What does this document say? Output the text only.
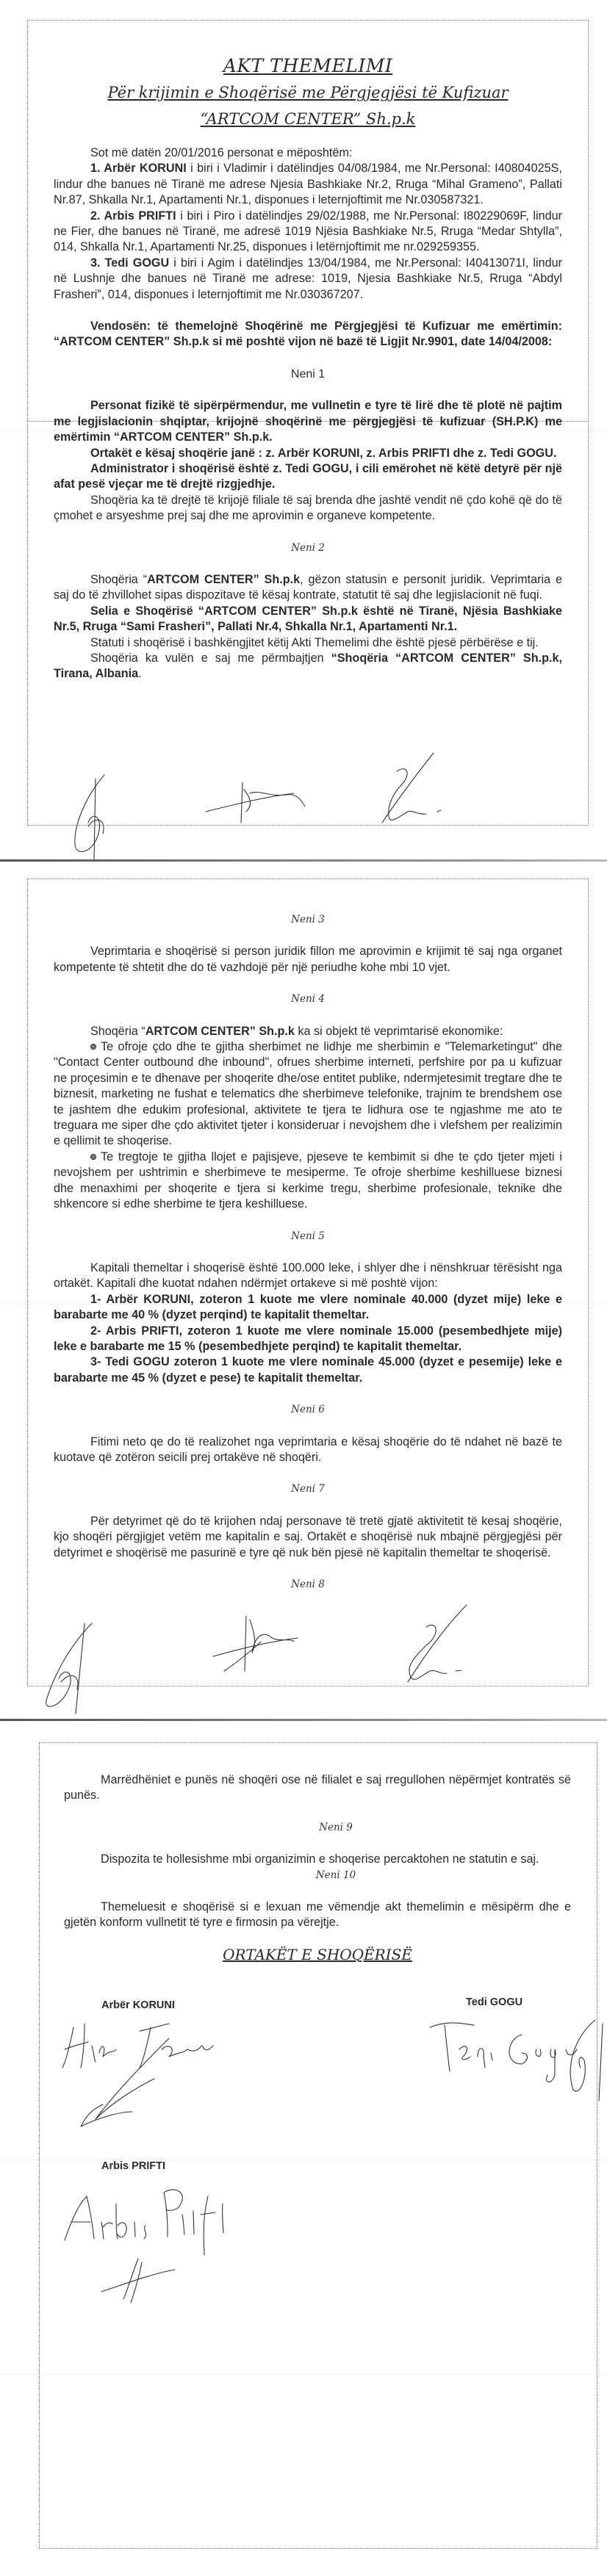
AKT THEMELIMI
Për krijimin e Shoqërisë me Përgjegjësi të Kufizuar
“ARTCOM CENTER” Sh.p.k

Sot më datën 20/01/2016 personat e mëposhtëm:

1. Arbër KORUNI i biri i Vladimir i datëlindjes 04/08/1984, me Nr.Personal: I40804025S, lindur dhe banues në Tiranë me adrese Njesia Bashkiake Nr.2, Rruga “Mihal Grameno”, Pallati Nr.87, Shkalla Nr.1, Apartamenti Nr.1, disponues i leternjoftimit me Nr.030587321.

2. Arbis PRIFTI i biri i Piro i datëlindjes 29/02/1988, me Nr.Personal: I80229069F, lindur ne Fier, dhe banues në Tiranë, me adresë 1019 Njësia Bashkiake Nr.5, Rruga “Medar Shtylla”, 014, Shkalla Nr.1, Apartamenti Nr.25, disponues i letërnjoftimit me nr.029259355.

3. Tedi GOGU i biri i Agim i datëlindjes 13/04/1984, me Nr.Personal: I40413071I, lindur në Lushnje dhe banues në Tiranë me adrese: 1019, Njesia Bashkiake Nr.5, Rruga “Abdyl Frasheri”, 014, disponues i leternjoftimit me Nr.030367207.

Vendosën: të themelojnë Shoqërinë me Përgjegjësi të Kufizuar me emërtimin: “ARTCOM CENTER” Sh.p.k si më poshtë vijon në bazë të Ligjit Nr.9901, date 14/04/2008:

Neni 1

Personat fizikë të sipërpërmendur, me vullnetin e tyre të lirë dhe të plotë në pajtim me legjislacionin shqiptar, krijojnë shoqërinë me përgjegjësi të kufizuar (SH.P.K) me emërtimin “ARTCOM CENTER” Sh.p.k.

Ortakët e kësaj shoqërie janë : z. Arbër KORUNI, z. Arbis PRIFTI dhe z. Tedi GOGU.

Administrator i shoqërisë është z. Tedi GOGU, i cili emërohet në këtë detyrë për një afat pesë vjeçar me të drejtë rizgjedhje.

Shoqëria ka të drejtë të krijojë filiale të saj brenda dhe jashtë vendit në çdo kohë që do të çmohet e arsyeshme prej saj dhe me aprovimin e organeve kompetente.

Neni 2

Shoqëria “ARTCOM CENTER” Sh.p.k, gëzon statusin e personit juridik. Veprimtaria e saj do të zhvillohet sipas dispozitave të kësaj kontrate, statutit të saj dhe legjislacionit në fuqi.

Selia e Shoqërisë “ARTCOM CENTER” Sh.p.k është në Tiranë, Njësia Bashkiake Nr.5, Rruga “Sami Frasheri”, Pallati Nr.4, Shkalla Nr.1, Apartamenti Nr.1.

Statuti i shoqërisë i bashkëngjitet këtij Akti Themelimi dhe është pjesë përbërëse e tij.

Shoqëria ka vulën e saj me përmbajtjen “Shoqëria “ARTCOM CENTER” Sh.p.k, Tirana, Albania.

Neni 3

Veprimtaria e shoqërisë si person juridik fillon me aprovimin e krijimit të saj nga organet kompetente të shtetit dhe do të vazhdojë për një periudhe kohe mbi 10 vjet.

Neni 4

Shoqëria “ARTCOM CENTER” Sh.p.k ka si objekt të veprimtarisë ekonomike:

Te ofroje çdo dhe te gjitha sherbimet ne lidhje me sherbimin e "Telemarketingut" dhe "Contact Center outbound dhe inbound", ofrues sherbime interneti, perfshire por pa u kufizuar ne proçesimin e te dhenave per shoqerite dhe/ose entitet publike, ndermjetesimit tregtare dhe te biznesit, marketing ne fushat e telematics dhe sherbimeve telefonike, trajnim te brendshem ose te jashtem dhe edukim profesional, aktivitete te tjera te lidhura ose te ngjashme me ato te treguara me siper dhe çdo aktivitet tjeter i konsideruar i nevojshem dhe i vlefshem per realizimin e qellimit te shoqerise.

Te tregtoje te gjitha llojet e pajisjeve, pjeseve te kembimit si dhe te çdo tjeter mjeti i nevojshem per ushtrimin e sherbimeve te mesiperme. Te ofroje sherbime keshilluese biznesi dhe menaxhimi per shoqerite e tjera si kerkime tregu, sherbime profesionale, teknike dhe shkencore si edhe sherbime te tjera keshilluese.

Neni 5

Kapitali themeltar i shoqerisë është 100.000 leke, i shlyer dhe i nënshkruar tërësisht nga ortakët. Kapitali dhe kuotat ndahen ndërmjet ortakeve si më poshtë vijon:

1- Arbër KORUNI, zoteron 1 kuote me vlere nominale 40.000 (dyzet mije) leke e barabarte me 40 % (dyzet perqind) te kapitalit themeltar.

2- Arbis PRIFTI, zoteron 1 kuote me vlere nominale 15.000 (pesembedhjete mije) leke e barabarte me 15 % (pesembedhjete perqind) te kapitalit themeltar.

3- Tedi GOGU zoteron 1 kuote me vlere nominale 45.000 (dyzet e pesemije) leke e barabarte me 45 % (dyzet e pese) te kapitalit themeltar.

Neni 6

Fitimi neto qe do të realizohet nga veprimtaria e kësaj shoqërie do të ndahet në bazë te kuotave që zotëron seicili prej ortakëve në shoqëri.

Neni 7

Për detyrimet që do të krijohen ndaj personave të tretë gjatë aktivitetit të kesaj shoqërie, kjo shoqëri përgjigjet vetëm me kapitalin e saj. Ortakët e shoqërisë nuk mbajnë përgjegjësi për detyrimet e shoqërisë me pasurinë e tyre që nuk bën pjesë në kapitalin themeltar te shoqerisë.

Neni 8

Marrëdhëniet e punës në shoqëri ose në filialet e saj rregullohen nëpërmjet kontratës së punës.

Neni 9

Dispozita te hollesishme mbi organizimin e shoqerise percaktohen ne statutin e saj.

Neni 10

Themeluesit e shoqërisë si e lexuan me vëmendje akt themelimin e mësipërm dhe e gjetën konform vullnetit të tyre e firmosin pa vërejtje.

ORTAKËT E SHOQËRISË

Arbër KORUNI
Arbis PRIFTI
Tedi GOGU
